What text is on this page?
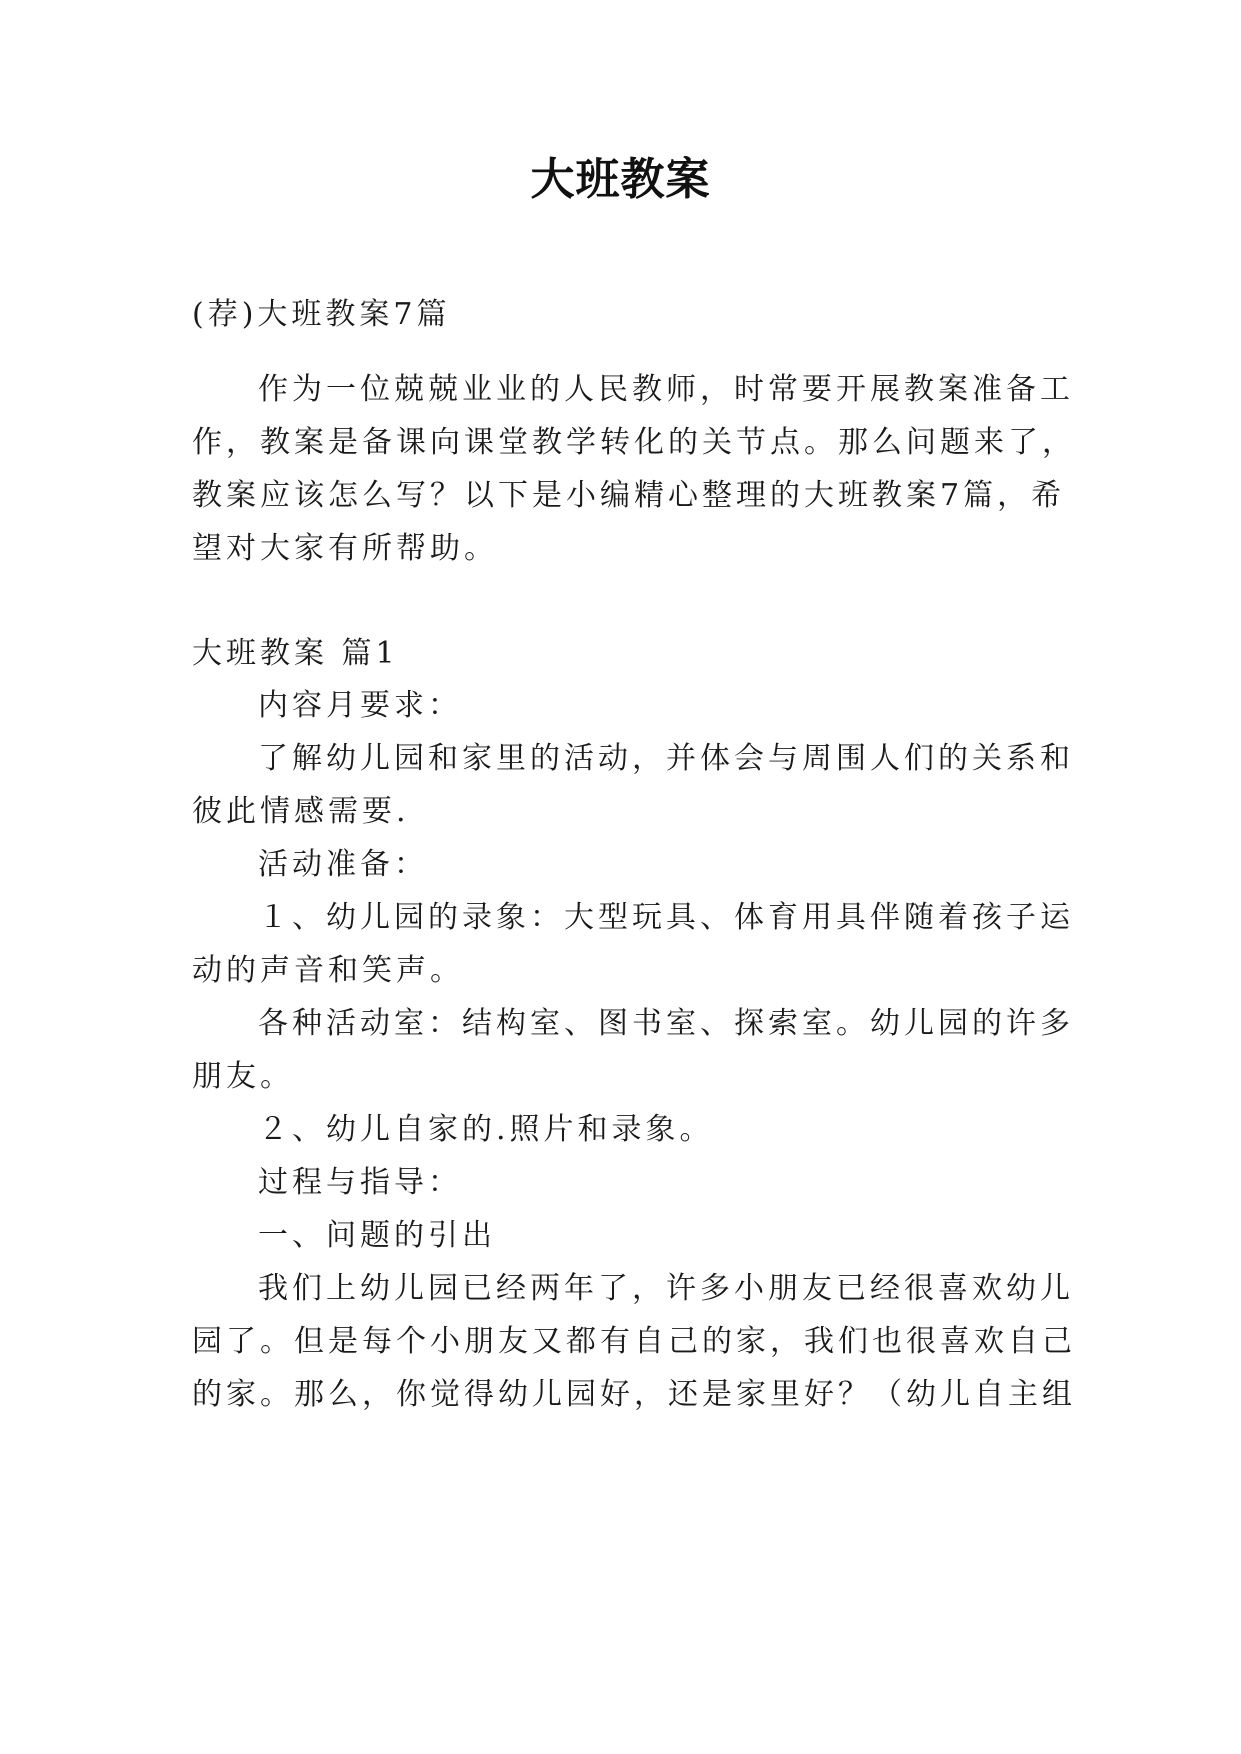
大班教案
(荐)大班教案7篇
作为一位兢兢业业的人民教师，时常要开展教案准备工
作，教案是备课向课堂教学转化的关节点。那么问题来了，
教案应该怎么写？以下是小编精心整理的大班教案7篇，希
望对大家有所帮助。
大班教案 篇1
内容月要求：
了解幼儿园和家里的活动，并体会与周围人们的关系和
彼此情感需要.
活动准备：
１、幼儿园的录象：大型玩具、体育用具伴随着孩子运
动的声音和笑声。
各种活动室：结构室、图书室、探索室。幼儿园的许多
朋友。
２、幼儿自家的.照片和录象。
过程与指导：
一、问题的引出
我们上幼儿园已经两年了，许多小朋友已经很喜欢幼儿
园了。但是每个小朋友又都有自己的家，我们也很喜欢自己
的家。那么，你觉得幼儿园好，还是家里好？（幼儿自主组
